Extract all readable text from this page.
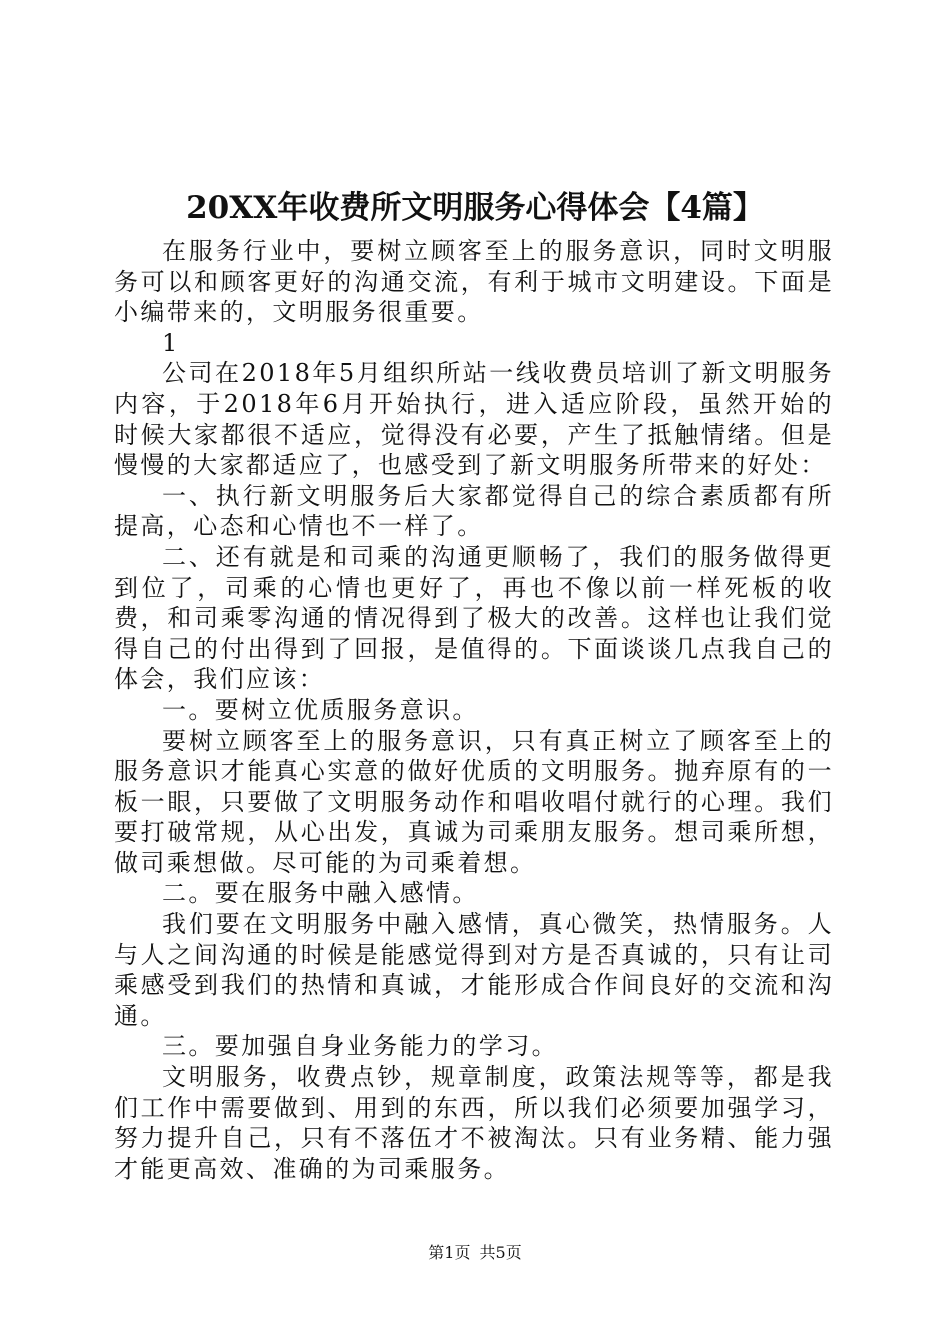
20XX年收费所文明服务心得体会【4篇】

在服务行业中，要树立顾客至上的服务意识，同时文明服务可以和顾客更好的沟通交流，有利于城市文明建设。下面是小编带来的，文明服务很重要。

1

公司在2018年5月组织所站一线收费员培训了新文明服务内容，于2018年6月开始执行，进入适应阶段，虽然开始的时候大家都很不适应，觉得没有必要，产生了抵触情绪。但是慢慢的大家都适应了，也感受到了新文明服务所带来的好处：

一、执行新文明服务后大家都觉得自己的综合素质都有所提高，心态和心情也不一样了。

二、还有就是和司乘的沟通更顺畅了，我们的服务做得更到位了，司乘的心情也更好了，再也不像以前一样死板的收费，和司乘零沟通的情况得到了极大的改善。这样也让我们觉得自己的付出得到了回报，是值得的。下面谈谈几点我自己的体会，我们应该：

一。要树立优质服务意识。

要树立顾客至上的服务意识，只有真正树立了顾客至上的服务意识才能真心实意的做好优质的文明服务。抛弃原有的一板一眼，只要做了文明服务动作和唱收唱付就行的心理。我们要打破常规，从心出发，真诚为司乘朋友服务。想司乘所想，做司乘想做。尽可能的为司乘着想。

二。要在服务中融入感情。

我们要在文明服务中融入感情，真心微笑，热情服务。人与人之间沟通的时候是能感觉得到对方是否真诚的，只有让司乘感受到我们的热情和真诚，才能形成合作间良好的交流和沟通。

三。要加强自身业务能力的学习。

文明服务，收费点钞，规章制度，政策法规等等，都是我们工作中需要做到、用到的东西，所以我们必须要加强学习，努力提升自己，只有不落伍才不被淘汰。只有业务精、能力强才能更高效、准确的为司乘服务。

第1页 共5页
